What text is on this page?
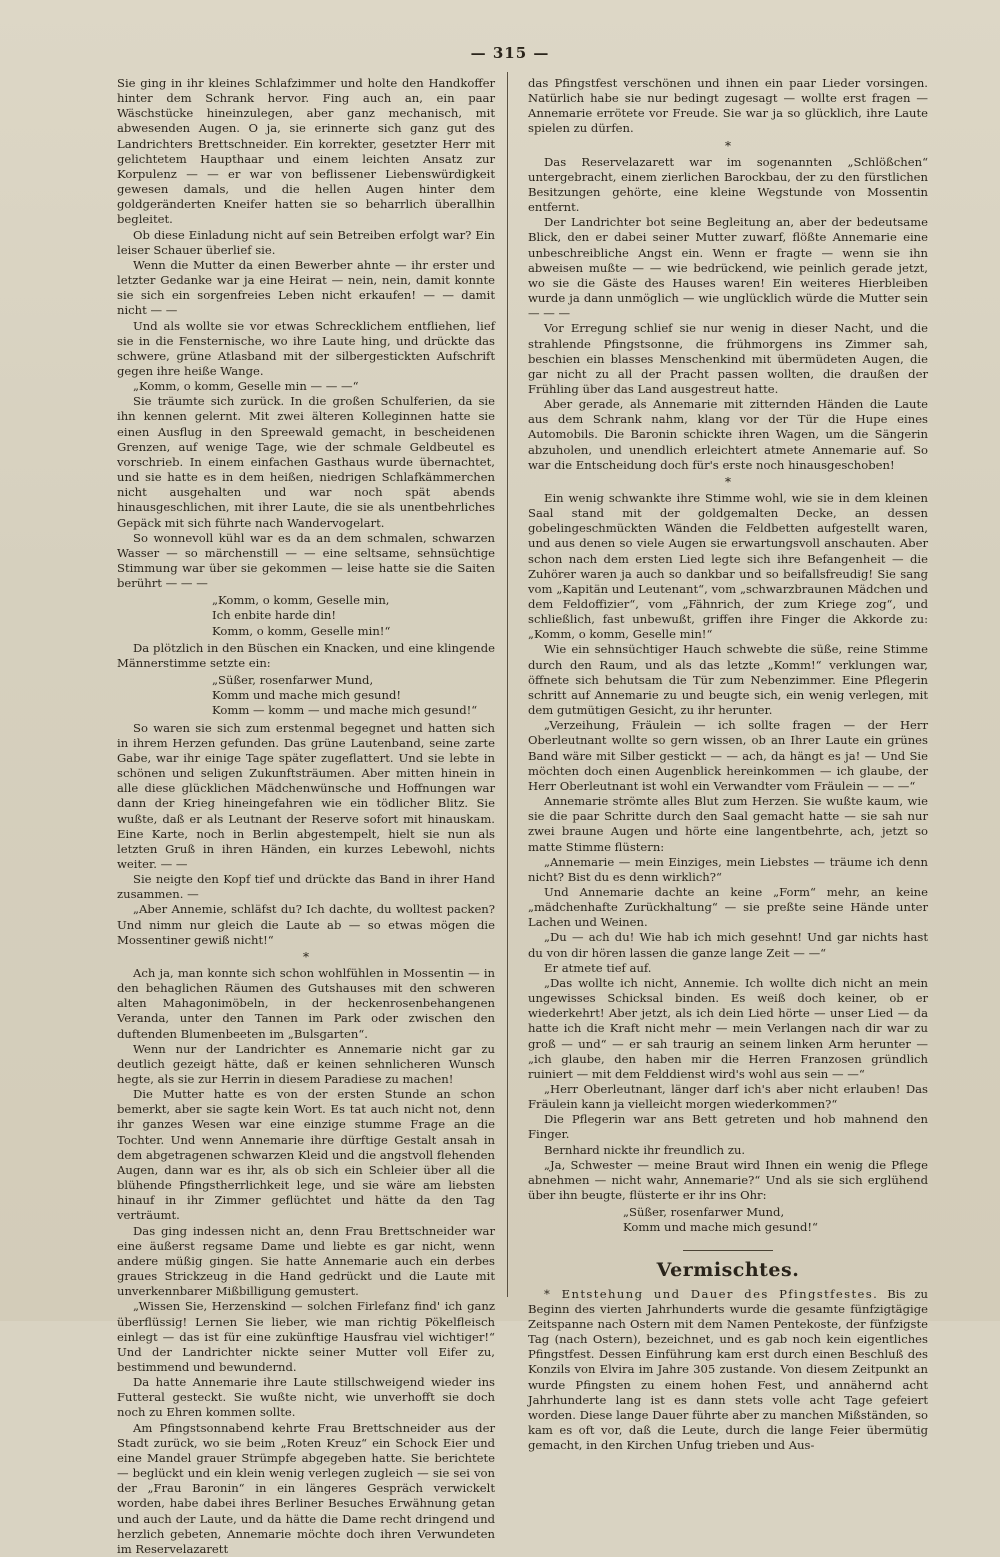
— 315 —

Sie ging in ihr kleines Schlafzimmer und holte den Handkoffer hinter dem Schrank hervor. Fing auch an, ein paar Wäschstücke hineinzulegen, aber ganz mechanisch, mit abwesenden Augen. O ja, sie erinnerte sich ganz gut des Landrichters Brettschneider. Ein korrekter, gesetzter Herr mit gelichtetem Haupthaar und einem leichten Ansatz zur Korpulenz — — er war von beflissener Liebenswürdigkeit gewesen damals, und die hellen Augen hinter dem goldgeränderten Kneifer hatten sie so beharrlich überallhin begleitet.

Ob diese Einladung nicht auf sein Betreiben erfolgt war? Ein leiser Schauer überlief sie.

Wenn die Mutter da einen Bewerber ahnte — ihr erster und letzter Gedanke war ja eine Heirat — nein, nein, damit konnte sie sich ein sorgenfreies Leben nicht erkaufen! — — damit nicht — —

Und als wollte sie vor etwas Schrecklichem entfliehen, lief sie in die Fensternische, wo ihre Laute hing, und drückte das schwere, grüne Atlasband mit der silbergestickten Aufschrift gegen ihre heiße Wange.

„Komm, o komm, Geselle min — — —“

Sie träumte sich zurück. In die großen Schulferien, da sie ihn kennen gelernt. Mit zwei älteren Kolleginnen hatte sie einen Ausflug in den Spreewald gemacht, in bescheidenen Grenzen, auf wenige Tage, wie der schmale Geldbeutel es vorschrieb. In einem einfachen Gasthaus wurde übernachtet, und sie hatte es in dem heißen, niedrigen Schlafkämmerchen nicht ausgehalten und war noch spät abends hinausgeschlichen, mit ihrer Laute, die sie als unentbehrliches Gepäck mit sich führte nach Wandervogelart.

So wonnevoll kühl war es da an dem schmalen, schwarzen Wasser — so märchenstill — — eine seltsame, sehnsüchtige Stimmung war über sie gekommen — leise hatte sie die Saiten berührt — — —

„Komm, o komm, Geselle min,
Ich enbite harde din!
Komm, o komm, Geselle min!“

Da plötzlich in den Büschen ein Knacken, und eine klingende Männerstimme setzte ein:

„Süßer, rosenfarwer Mund,
Komm und mache mich gesund!
Komm — komm — und mache mich gesund!“

So waren sie sich zum erstenmal begegnet und hatten sich in ihrem Herzen gefunden. Das grüne Lautenband, seine zarte Gabe, war ihr einige Tage später zugeflattert. Und sie lebte in schönen und seligen Zukunftsträumen. Aber mitten hinein in alle diese glücklichen Mädchenwünsche und Hoffnungen war dann der Krieg hineingefahren wie ein tödlicher Blitz. Sie wußte, daß er als Leutnant der Reserve sofort mit hinauskam. Eine Karte, noch in Berlin abgestempelt, hielt sie nun als letzten Gruß in ihren Händen, ein kurzes Lebewohl, nichts weiter. — —

Sie neigte den Kopf tief und drückte das Band in ihrer Hand zusammen. —

„Aber Annemie, schläfst du? Ich dachte, du wolltest packen? Und nimm nur gleich die Laute ab — so etwas mögen die Mossentiner gewiß nicht!“

*

Ach ja, man konnte sich schon wohlfühlen in Mossentin — in den behaglichen Räumen des Gutshauses mit den schweren alten Mahagonimöbeln, in der heckenrosenbehangenen Veranda, unter den Tannen im Park oder zwischen den duftenden Blumenbeeten im „Bulsgarten“.

Wenn nur der Landrichter es Annemarie nicht gar zu deutlich gezeigt hätte, daß er keinen sehnlicheren Wunsch hegte, als sie zur Herrin in diesem Paradiese zu machen!

Die Mutter hatte es von der ersten Stunde an schon bemerkt, aber sie sagte kein Wort. Es tat auch nicht not, denn ihr ganzes Wesen war eine einzige stumme Frage an die Tochter. Und wenn Annemarie ihre dürftige Gestalt ansah in dem abgetragenen schwarzen Kleid und die angstvoll flehenden Augen, dann war es ihr, als ob sich ein Schleier über all die blühende Pfingstherrlichkeit lege, und sie wäre am liebsten hinauf in ihr Zimmer geflüchtet und hätte da den Tag verträumt.

Das ging indessen nicht an, denn Frau Brettschneider war eine äußerst regsame Dame und liebte es gar nicht, wenn andere müßig gingen. Sie hatte Annemarie auch ein derbes graues Strickzeug in die Hand gedrückt und die Laute mit unverkennbarer Mißbilligung gemustert.

„Wissen Sie, Herzenskind — solchen Firlefanz find' ich ganz überflüssig! Lernen Sie lieber, wie man richtig Pökelfleisch einlegt — das ist für eine zukünftige Hausfrau viel wichtiger!“ Und der Landrichter nickte seiner Mutter voll Eifer zu, bestimmend und bewundernd.

Da hatte Annemarie ihre Laute stillschweigend wieder ins Futteral gesteckt. Sie wußte nicht, wie unverhofft sie doch noch zu Ehren kommen sollte.

Am Pfingstsonnabend kehrte Frau Brettschneider aus der Stadt zurück, wo sie beim „Roten Kreuz“ ein Schock Eier und eine Mandel grauer Strümpfe abgegeben hatte. Sie berichtete — beglückt und ein klein wenig verlegen zugleich — sie sei von der „Frau Baronin“ in ein längeres Gespräch verwickelt worden, habe dabei ihres Berliner Besuches Erwähnung getan und auch der Laute, und da hätte die Dame recht dringend und herzlich gebeten, Annemarie möchte doch ihren Verwundeten im Reservelazarett

das Pfingstfest verschönen und ihnen ein paar Lieder vorsingen. Natürlich habe sie nur bedingt zugesagt — wollte erst fragen — Annemarie errötete vor Freude. Sie war ja so glücklich, ihre Laute spielen zu dürfen.

*

Das Reservelazarett war im sogenannten „Schlößchen“ untergebracht, einem zierlichen Barockbau, der zu den fürstlichen Besitzungen gehörte, eine kleine Wegstunde von Mossentin entfernt.

Der Landrichter bot seine Begleitung an, aber der bedeutsame Blick, den er dabei seiner Mutter zuwarf, flößte Annemarie eine unbeschreibliche Angst ein. Wenn er fragte — wenn sie ihn abweisen mußte — — wie bedrückend, wie peinlich gerade jetzt, wo sie die Gäste des Hauses waren! Ein weiteres Hierbleiben wurde ja dann unmöglich — wie unglücklich würde die Mutter sein — — —

Vor Erregung schlief sie nur wenig in dieser Nacht, und die strahlende Pfingstsonne, die frühmorgens ins Zimmer sah, beschien ein blasses Menschenkind mit übermüdeten Augen, die gar nicht zu all der Pracht passen wollten, die draußen der Frühling über das Land ausgestreut hatte.

Aber gerade, als Annemarie mit zitternden Händen die Laute aus dem Schrank nahm, klang vor der Tür die Hupe eines Automobils. Die Baronin schickte ihren Wagen, um die Sängerin abzuholen, und unendlich erleichtert atmete Annemarie auf. So war die Entscheidung doch für's erste noch hinausgeschoben!

*

Ein wenig schwankte ihre Stimme wohl, wie sie in dem kleinen Saal stand mit der goldgemalten Decke, an dessen gobelingeschmückten Wänden die Feldbetten aufgestellt waren, und aus denen so viele Augen sie erwartungsvoll anschauten. Aber schon nach dem ersten Lied legte sich ihre Befangenheit — die Zuhörer waren ja auch so dankbar und so beifallsfreudig! Sie sang vom „Kapitän und Leutenant“, vom „schwarzbraunen Mädchen und dem Feldoffizier“, vom „Fähnrich, der zum Kriege zog“, und schließlich, fast unbewußt, griffen ihre Finger die Akkorde zu: „Komm, o komm, Geselle min!“

Wie ein sehnsüchtiger Hauch schwebte die süße, reine Stimme durch den Raum, und als das letzte „Komm!“ verklungen war, öffnete sich behutsam die Tür zum Nebenzimmer. Eine Pflegerin schritt auf Annemarie zu und beugte sich, ein wenig verlegen, mit dem gutmütigen Gesicht, zu ihr herunter.

„Verzeihung, Fräulein — ich sollte fragen — der Herr Oberleutnant wollte so gern wissen, ob an Ihrer Laute ein grünes Band wäre mit Silber gestickt — — ach, da hängt es ja! — Und Sie möchten doch einen Augenblick hereinkommen — ich glaube, der Herr Oberleutnant ist wohl ein Verwandter vom Fräulein — — —“

Annemarie strömte alles Blut zum Herzen. Sie wußte kaum, wie sie die paar Schritte durch den Saal gemacht hatte — sie sah nur zwei braune Augen und hörte eine langentbehrte, ach, jetzt so matte Stimme flüstern:

„Annemarie — mein Einziges, mein Liebstes — träume ich denn nicht? Bist du es denn wirklich?“

Und Annemarie dachte an keine „Form“ mehr, an keine „mädchenhafte Zurückhaltung“ — sie preßte seine Hände unter Lachen und Weinen.

„Du — ach du! Wie hab ich mich gesehnt! Und gar nichts hast du von dir hören lassen die ganze lange Zeit — —“

Er atmete tief auf.

„Das wollte ich nicht, Annemie. Ich wollte dich nicht an mein ungewisses Schicksal binden. Es weiß doch keiner, ob er wiederkehrt! Aber jetzt, als ich dein Lied hörte — unser Lied — da hatte ich die Kraft nicht mehr — mein Verlangen nach dir war zu groß — und“ — er sah traurig an seinem linken Arm herunter — „ich glaube, den haben mir die Herren Franzosen gründlich ruiniert — mit dem Felddienst wird's wohl aus sein — —“

„Herr Oberleutnant, länger darf ich's aber nicht erlauben! Das Fräulein kann ja vielleicht morgen wiederkommen?“

Die Pflegerin war ans Bett getreten und hob mahnend den Finger.

Bernhard nickte ihr freundlich zu.

„Ja, Schwester — meine Braut wird Ihnen ein wenig die Pflege abnehmen — nicht wahr, Annemarie?“ Und als sie sich erglühend über ihn beugte, flüsterte er ihr ins Ohr:

„Süßer, rosenfarwer Mund,
Komm und mache mich gesund!“
Vermischtes.

* Entstehung und Dauer des Pfingstfestes. Bis zu Beginn des vierten Jahrhunderts wurde die gesamte fünfzigtägige Zeitspanne nach Ostern mit dem Namen Pentekoste, der fünfzigste Tag (nach Ostern), bezeichnet, und es gab noch kein eigentliches Pfingstfest. Dessen Einführung kam erst durch einen Beschluß des Konzils von Elvira im Jahre 305 zustande. Von diesem Zeitpunkt an wurde Pfingsten zu einem hohen Fest, und annähernd acht Jahrhunderte lang ist es dann stets volle acht Tage gefeiert worden. Diese lange Dauer führte aber zu manchen Mißständen, so kam es oft vor, daß die Leute, durch die lange Feier übermütig gemacht, in den Kirchen Unfug trieben und Aus-
